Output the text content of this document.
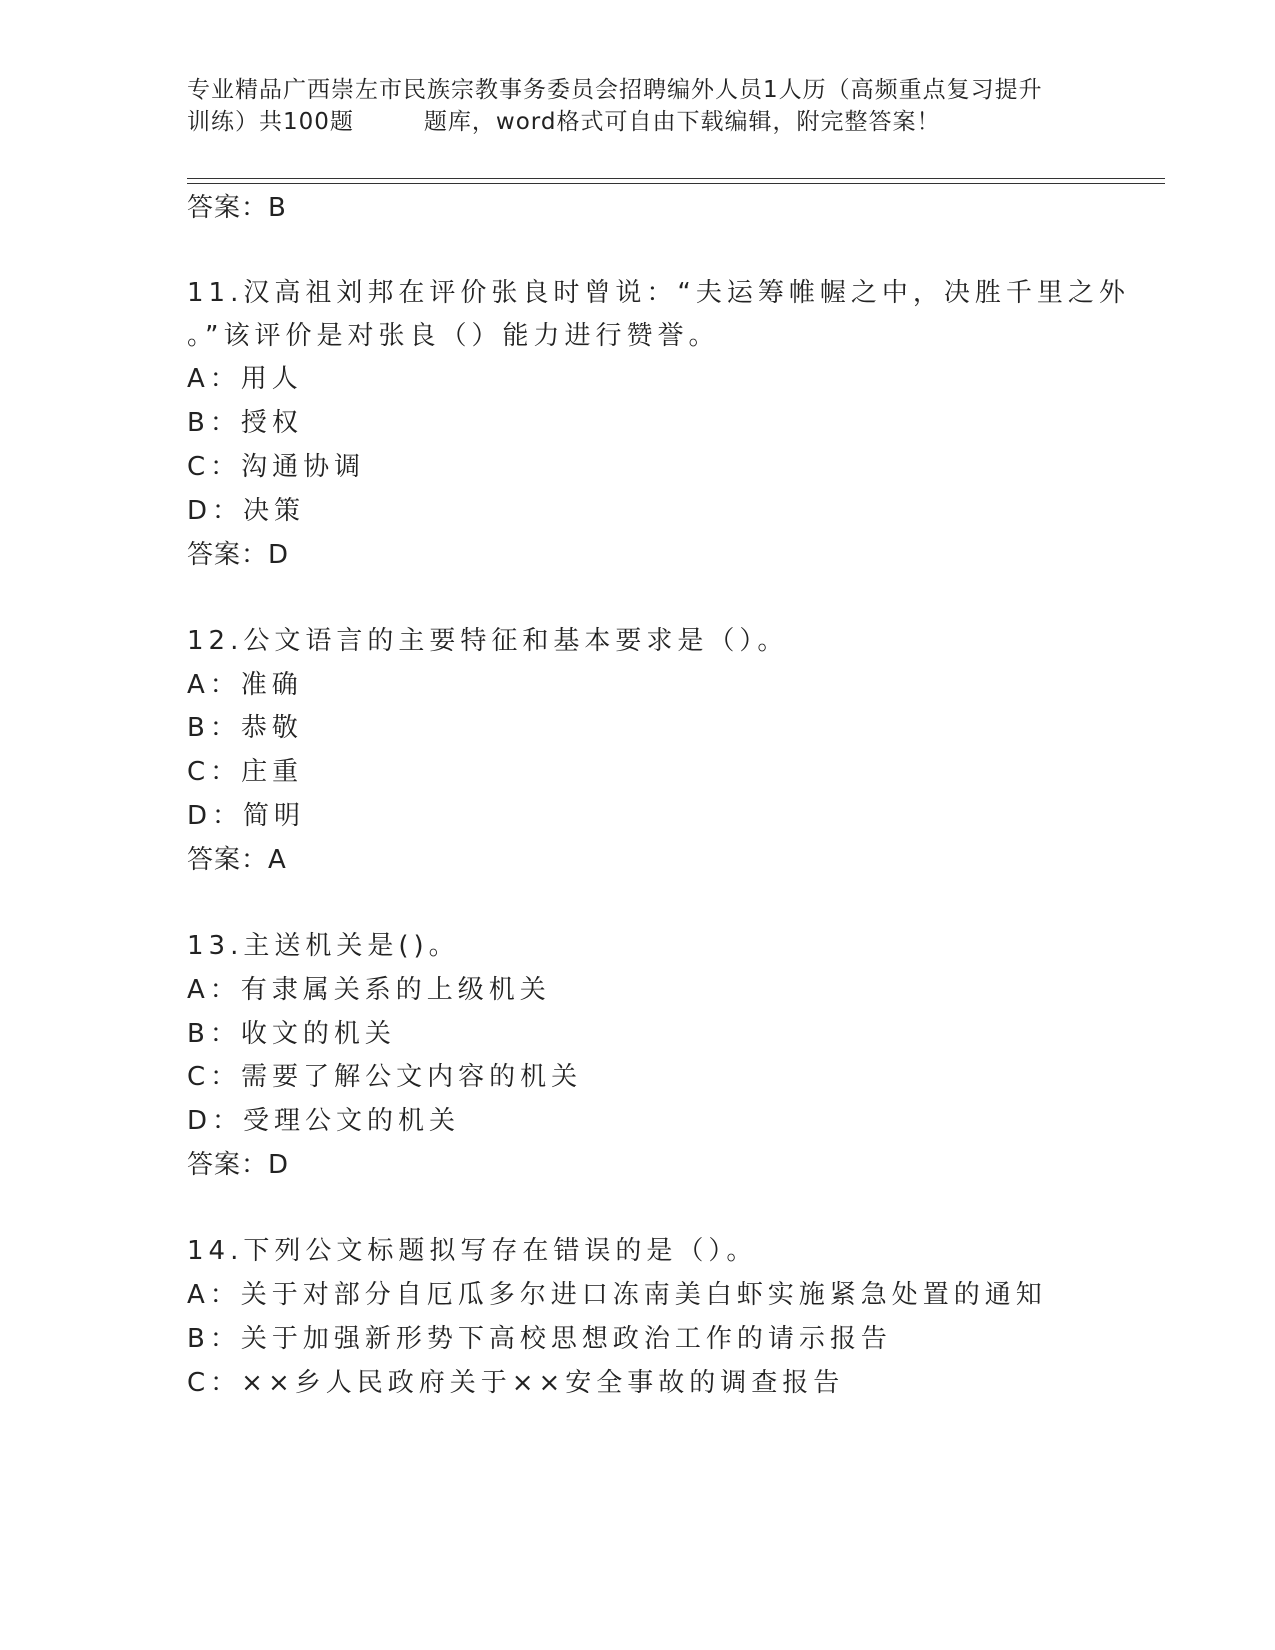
专业精品广西崇左市民族宗教事务委员会招聘编外人员1人历（高频重点复习提升
训练）共100题	题库，word格式可自由下载编辑，附完整答案！
答案：B
11.汉高祖刘邦在评价张良时曾说：“夫运筹帷幄之中，决胜千里之外
。”该评价是对张良（）能力进行赞誉。
A：用人
B：授权
C：沟通协调
D：决策
答案：D
12.公文语言的主要特征和基本要求是（）。
A：准确
B：恭敬
C：庄重
D：简明
答案：A
13.主送机关是()。
A：有隶属关系的上级机关
B：收文的机关
C：需要了解公文内容的机关
D：受理公文的机关
答案：D
14.下列公文标题拟写存在错误的是（）。
A：关于对部分自厄瓜多尔进口冻南美白虾实施紧急处置的通知
B：关于加强新形势下高校思想政治工作的请示报告
C：××乡人民政府关于××安全事故的调查报告
